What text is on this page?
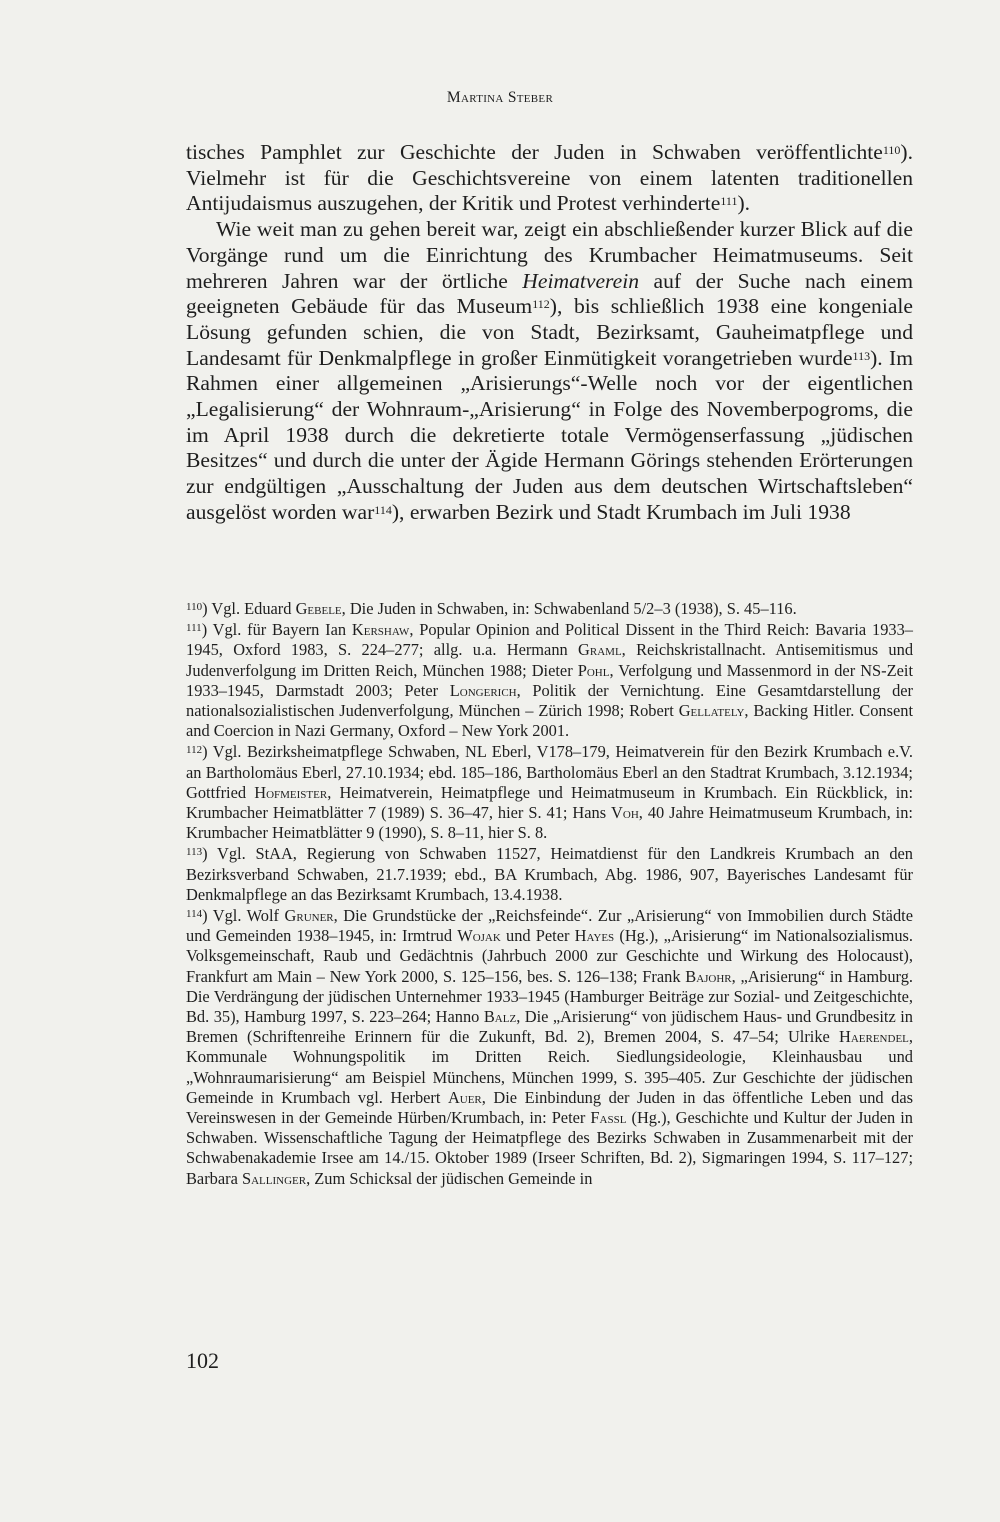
Martina Steber

tisches Pamphlet zur Geschichte der Juden in Schwaben veröffentlichte$^{110}$). Vielmehr ist für die Geschichtsvereine von einem latenten traditionellen Antijudaismus auszugehen, der Kritik und Protest verhinderte$^{111}$).

Wie weit man zu gehen bereit war, zeigt ein abschließender kurzer Blick auf die Vorgänge rund um die Einrichtung des Krumbacher Heimatmuseums. Seit mehreren Jahren war der örtliche Heimatverein auf der Suche nach einem geeigneten Gebäude für das Museum$^{112}$), bis schließlich 1938 eine kongeniale Lösung gefunden schien, die von Stadt, Bezirksamt, Gauheimatpflege und Landesamt für Denkmalpflege in großer Einmütigkeit vorangetrieben wurde$^{113}$). Im Rahmen einer allgemeinen „Arisierungs“-Welle noch vor der eigentlichen „Legalisierung“ der Wohnraum-„Arisierung“ in Folge des Novemberpogroms, die im April 1938 durch die dekretierte totale Vermögenserfassung „jüdischen Besitzes“ und durch die unter der Ägide Hermann Görings stehenden Erörterungen zur endgültigen „Ausschaltung der Juden aus dem deutschen Wirtschaftsleben“ ausgelöst worden war$^{114}$), erwarben Bezirk und Stadt Krumbach im Juli 1938

$^{110}$) Vgl. Eduard Gebele, Die Juden in Schwaben, in: Schwabenland 5/2–3 (1938), S. 45–116.

$^{111}$) Vgl. für Bayern Ian Kershaw, Popular Opinion and Political Dissent in the Third Reich: Bavaria 1933–1945, Oxford 1983, S. 224–277; allg. u.a. Hermann Graml, Reichskristallnacht. Antisemitismus und Judenverfolgung im Dritten Reich, München 1988; Dieter Pohl, Verfolgung und Massenmord in der NS-Zeit 1933–1945, Darmstadt 2003; Peter Longerich, Politik der Vernichtung. Eine Gesamtdarstellung der nationalsozialistischen Judenverfolgung, München – Zürich 1998; Robert Gellately, Backing Hitler. Consent and Coercion in Nazi Germany, Oxford – New York 2001.

$^{112}$) Vgl. Bezirksheimatpflege Schwaben, NL Eberl, V178–179, Heimatverein für den Bezirk Krumbach e.V. an Bartholomäus Eberl, 27.10.1934; ebd. 185–186, Bartholomäus Eberl an den Stadtrat Krumbach, 3.12.1934; Gottfried Hofmeister, Heimatverein, Heimatpflege und Heimatmuseum in Krumbach. Ein Rückblick, in: Krumbacher Heimatblätter 7 (1989) S. 36–47, hier S. 41; Hans Voh, 40 Jahre Heimatmuseum Krumbach, in: Krumbacher Heimatblätter 9 (1990), S. 8–11, hier S. 8.

$^{113}$) Vgl. StAA, Regierung von Schwaben 11527, Heimatdienst für den Landkreis Krumbach an den Bezirksverband Schwaben, 21.7.1939; ebd., BA Krumbach, Abg. 1986, 907, Bayerisches Landesamt für Denkmalpflege an das Bezirksamt Krumbach, 13.4.1938.

$^{114}$) Vgl. Wolf Gruner, Die Grundstücke der „Reichsfeinde“. Zur „Arisierung“ von Immobilien durch Städte und Gemeinden 1938–1945, in: Irmtrud Wojak und Peter Hayes (Hg.), „Arisierung“ im Nationalsozialismus. Volksgemeinschaft, Raub und Gedächtnis (Jahrbuch 2000 zur Geschichte und Wirkung des Holocaust), Frankfurt am Main – New York 2000, S. 125–156, bes. S. 126–138; Frank Bajohr, „Arisierung“ in Hamburg. Die Verdrängung der jüdischen Unternehmer 1933–1945 (Hamburger Beiträge zur Sozial- und Zeitgeschichte, Bd. 35), Hamburg 1997, S. 223–264; Hanno Balz, Die „Arisierung“ von jüdischem Haus- und Grundbesitz in Bremen (Schriftenreihe Erinnern für die Zukunft, Bd. 2), Bremen 2004, S. 47–54; Ulrike Haerendel, Kommunale Wohnungspolitik im Dritten Reich. Siedlungsideologie, Kleinhausbau und „Wohnraumarisierung“ am Beispiel Münchens, München 1999, S. 395–405. Zur Geschichte der jüdischen Gemeinde in Krumbach vgl. Herbert Auer, Die Einbindung der Juden in das öffentliche Leben und das Vereinswesen in der Gemeinde Hürben/Krumbach, in: Peter Fassl (Hg.), Geschichte und Kultur der Juden in Schwaben. Wissenschaftliche Tagung der Heimatpflege des Bezirks Schwaben in Zusammenarbeit mit der Schwabenakademie Irsee am 14./15. Oktober 1989 (Irseer Schriften, Bd. 2), Sigmaringen 1994, S. 117–127; Barbara Sallinger, Zum Schicksal der jüdischen Gemeinde in

102
